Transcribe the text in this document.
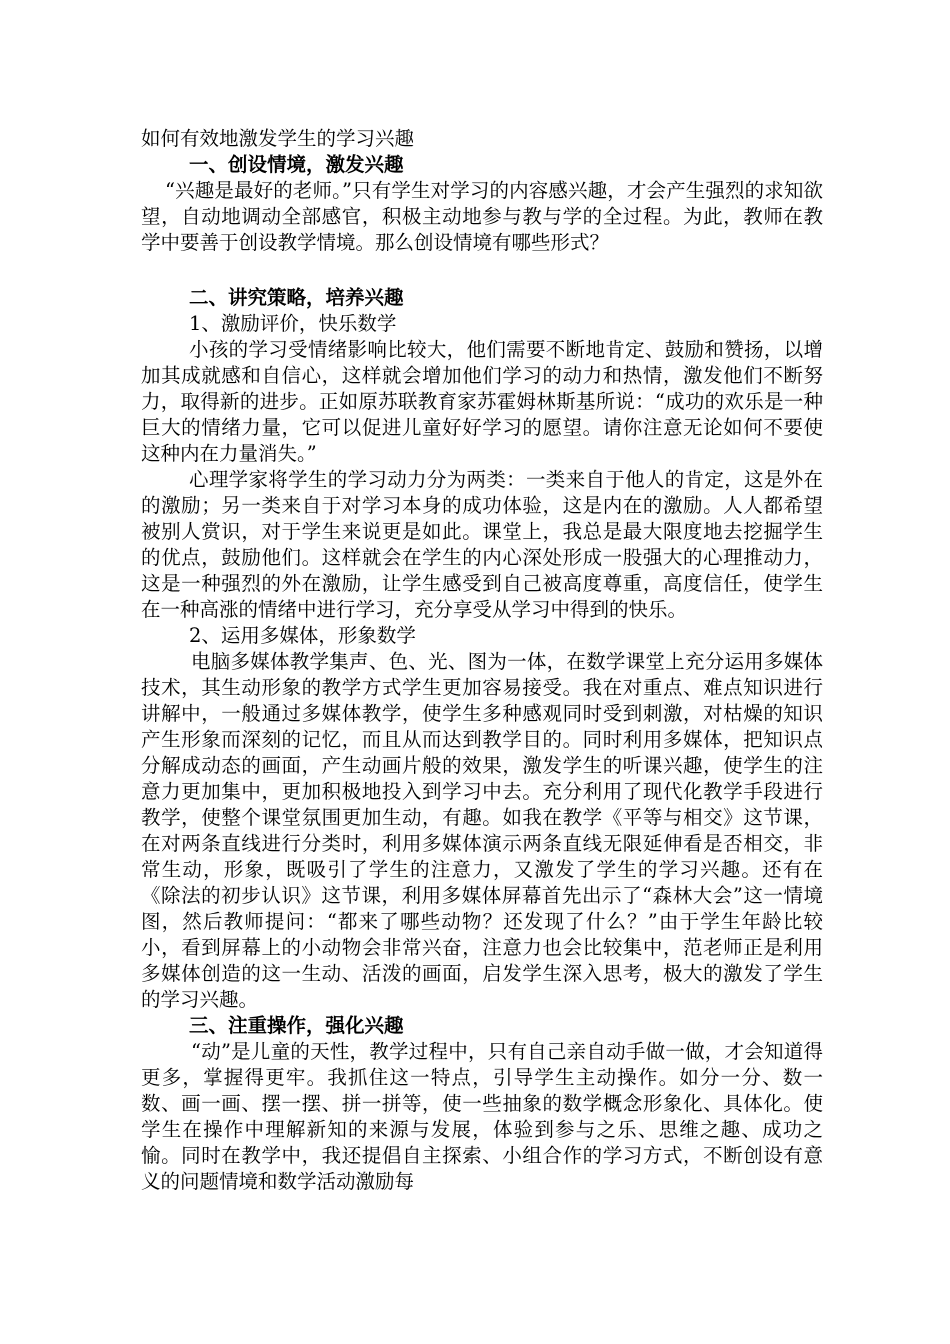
如何有效地激发学生的学习兴趣

一、创设情境，激发兴趣

“兴趣是最好的老师。”只有学生对学习的内容感兴趣，才会产生强烈的求知欲望，自动地调动全部感官，积极主动地参与教与学的全过程。为此，教师在教学中要善于创设教学情境。那么创设情境有哪些形式？

二、讲究策略，培养兴趣

1、激励评价，快乐数学

小孩的学习受情绪影响比较大，他们需要不断地肯定、鼓励和赞扬，以增加其成就感和自信心，这样就会增加他们学习的动力和热情，激发他们不断努力，取得新的进步。正如原苏联教育家苏霍姆林斯基所说：“成功的欢乐是一种巨大的情绪力量，它可以促进儿童好好学习的愿望。请你注意无论如何不要使这种内在力量消失。”

心理学家将学生的学习动力分为两类：一类来自于他人的肯定，这是外在的激励；另一类来自于对学习本身的成功体验，这是内在的激励。人人都希望被别人赏识，对于学生来说更是如此。课堂上，我总是最大限度地去挖掘学生的优点，鼓励他们。这样就会在学生的内心深处形成一股强大的心理推动力，这是一种强烈的外在激励，让学生感受到自己被高度尊重，高度信任，使学生在一种高涨的情绪中进行学习，充分享受从学习中得到的快乐。

2、运用多媒体，形象数学

电脑多媒体教学集声、色、光、图为一体，在数学课堂上充分运用多媒体技术，其生动形象的教学方式学生更加容易接受。我在对重点、难点知识进行讲解中，一般通过多媒体教学，使学生多种感观同时受到刺激，对枯燥的知识产生形象而深刻的记忆，而且从而达到教学目的。同时利用多媒体，把知识点分解成动态的画面，产生动画片般的效果，激发学生的听课兴趣，使学生的注意力更加集中，更加积极地投入到学习中去。充分利用了现代化教学手段进行教学，使整个课堂氛围更加生动，有趣。如我在教学《平等与相交》这节课，在对两条直线进行分类时，利用多媒体演示两条直线无限延伸看是否相交，非常生动，形象，既吸引了学生的注意力，又激发了学生的学习兴趣。还有在《除法的初步认识》这节课，利用多媒体屏幕首先出示了“森林大会”这一情境图，然后教师提问：“都来了哪些动物？还发现了什么？”由于学生年龄比较小，看到屏幕上的小动物会非常兴奋，注意力也会比较集中，范老师正是利用多媒体创造的这一生动、活泼的画面，启发学生深入思考，极大的激发了学生的学习兴趣。

三、注重操作，强化兴趣

“动”是儿童的天性，教学过程中，只有自己亲自动手做一做，才会知道得更多，掌握得更牢。我抓住这一特点，引导学生主动操作。如分一分、数一数、画一画、摆一摆、拼一拼等，使一些抽象的数学概念形象化、具体化。使学生在操作中理解新知的来源与发展，体验到参与之乐、思维之趣、成功之愉。同时在教学中，我还提倡自主探索、小组合作的学习方式，不断创设有意义的问题情境和数学活动激励每
